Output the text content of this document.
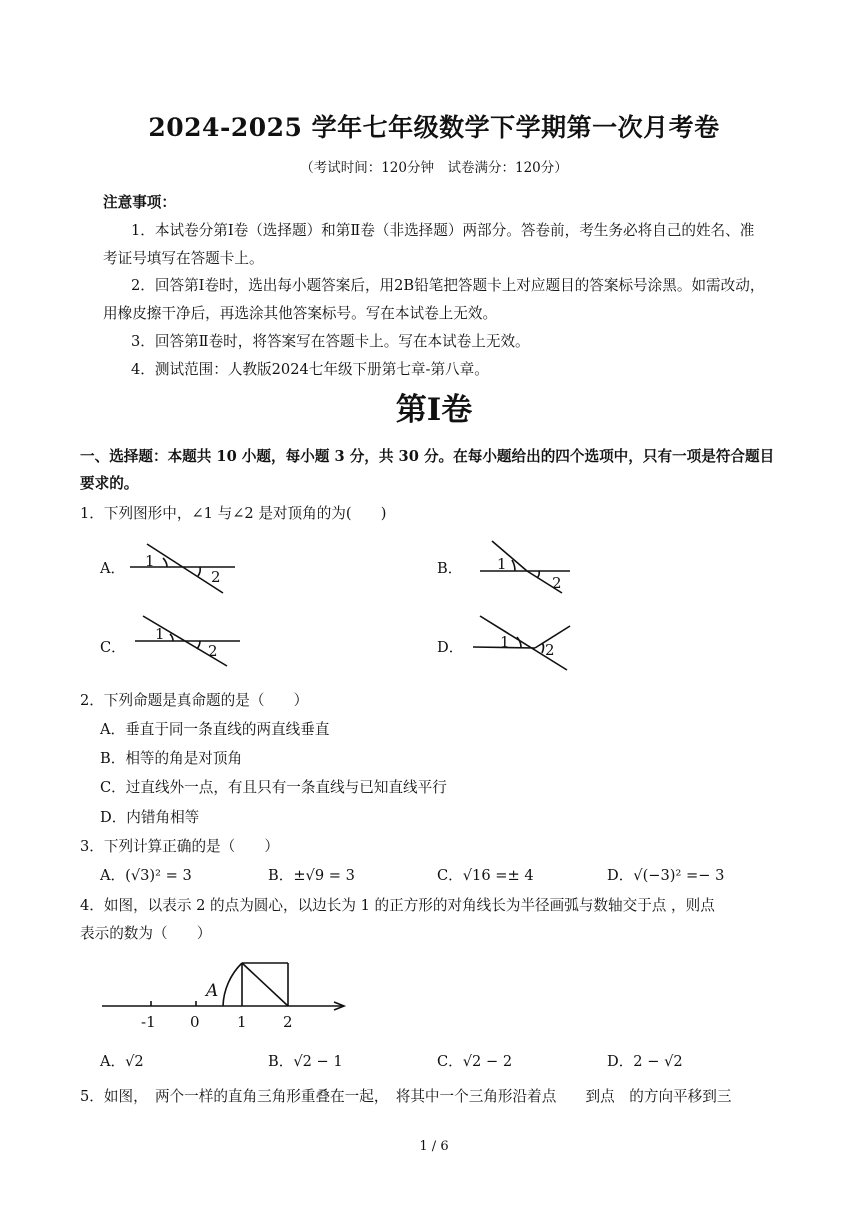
2024-2025 学年七年级数学下学期第一次月考卷
（考试时间：120分钟　试卷满分：120分）
注意事项：
1．本试卷分第Ⅰ卷（选择题）和第Ⅱ卷（非选择题）两部分。答卷前，考生务必将自己的姓名、准
考证号填写在答题卡上。
2．回答第Ⅰ卷时，选出每小题答案后，用2B铅笔把答题卡上对应题目的答案标号涂黑。如需改动，
用橡皮擦干净后，再选涂其他答案标号。写在本试卷上无效。
3．回答第Ⅱ卷时，将答案写在答题卡上。写在本试卷上无效。
4．测试范围：人教版2024七年级下册第七章-第八章。
第Ⅰ卷
一、选择题：本题共 10 小题，每小题 3 分，共 30 分。在每小题给出的四个选项中，只有一项是符合题目
要求的。
1．下列图形中，∠1 与∠2 是对顶角的为(　　)
A． 1
2	B． 1
2
C．
1
2	D． 1 2
2．下列命题是真命题的是（　　）
A．垂直于同一条直线的两直线垂直
B．相等的角是对顶角
C．过直线外一点，有且只有一条直线与已知直线平行
D．内错角相等
3．下列计算正确的是（　　）
A．(√3)² = 3	B．±√9 = 3	C．√16 =± 4	D．√(−3)² =− 3
4．如图，以表示 2 的点为圆心，以边长为 1 的正方形的对角线长为半径画弧与数轴交于点 ，则点
表示的数为（　　）
A
-1 0 1 2
A．√2	B．√2 − 1	C．√2 − 2	D．2 − √2
5．如图，　两个一样的直角三角形重叠在一起，　将其中一个三角形沿着点　　到点　的方向平移到三
1 / 6
